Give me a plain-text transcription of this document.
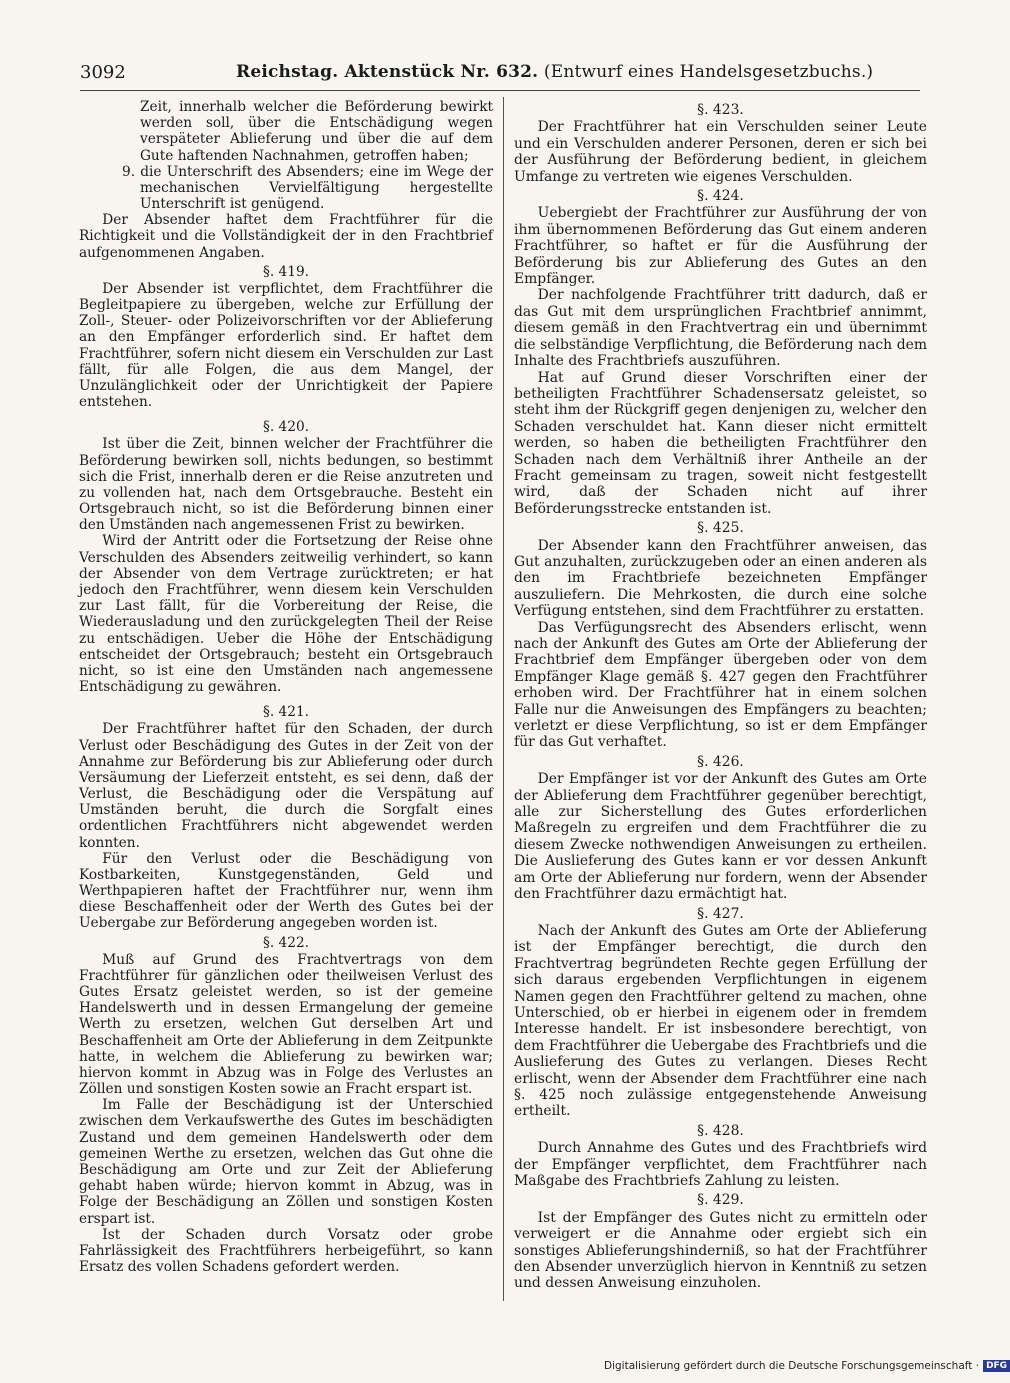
3092	Reichstag. Aktenstück Nr. 632. (Entwurf eines Handelsgesetzbuchs.)

Zeit, innerhalb welcher die Beförderung bewirkt werden soll, über die Entschädigung wegen verspäteter Ablieferung und über die auf dem Gute haftenden Nachnahmen, getroffen haben;

9. die Unterschrift des Absenders; eine im Wege der mechanischen Vervielfältigung hergestellte Unterschrift ist genügend.

Der Absender haftet dem Frachtführer für die Richtigkeit und die Vollständigkeit der in den Frachtbrief aufgenommenen Angaben.

§. 419.

Der Absender ist verpflichtet, dem Frachtführer die Begleitpapiere zu übergeben, welche zur Erfüllung der Zoll-, Steuer- oder Polizeivorschriften vor der Ablieferung an den Empfänger erforderlich sind. Er haftet dem Frachtführer, sofern nicht diesem ein Verschulden zur Last fällt, für alle Folgen, die aus dem Mangel, der Unzulänglichkeit oder der Unrichtigkeit der Papiere entstehen.

§. 420.

Ist über die Zeit, binnen welcher der Frachtführer die Beförderung bewirken soll, nichts bedungen, so bestimmt sich die Frist, innerhalb deren er die Reise anzutreten und zu vollenden hat, nach dem Ortsgebrauche. Besteht ein Ortsgebrauch nicht, so ist die Beförderung binnen einer den Umständen nach angemessenen Frist zu bewirken.

Wird der Antritt oder die Fortsetzung der Reise ohne Verschulden des Absenders zeitweilig verhindert, so kann der Absender von dem Vertrage zurücktreten; er hat jedoch den Frachtführer, wenn diesem kein Verschulden zur Last fällt, für die Vorbereitung der Reise, die Wiederausladung und den zurückgelegten Theil der Reise zu entschädigen. Ueber die Höhe der Entschädigung entscheidet der Ortsgebrauch; besteht ein Ortsgebrauch nicht, so ist eine den Umständen nach angemessene Entschädigung zu gewähren.

§. 421.

Der Frachtführer haftet für den Schaden, der durch Verlust oder Beschädigung des Gutes in der Zeit von der Annahme zur Beförderung bis zur Ablieferung oder durch Versäumung der Lieferzeit entsteht, es sei denn, daß der Verlust, die Beschädigung oder die Verspätung auf Umständen beruht, die durch die Sorgfalt eines ordentlichen Frachtführers nicht abgewendet werden konnten.

Für den Verlust oder die Beschädigung von Kostbarkeiten, Kunstgegenständen, Geld und Werthpapieren haftet der Frachtführer nur, wenn ihm diese Beschaffenheit oder der Werth des Gutes bei der Uebergabe zur Beförderung angegeben worden ist.

§. 422.

Muß auf Grund des Frachtvertrags von dem Frachtführer für gänzlichen oder theilweisen Verlust des Gutes Ersatz geleistet werden, so ist der gemeine Handelswerth und in dessen Ermangelung der gemeine Werth zu ersetzen, welchen Gut derselben Art und Beschaffenheit am Orte der Ablieferung in dem Zeitpunkte hatte, in welchem die Ablieferung zu bewirken war; hiervon kommt in Abzug was in Folge des Verlustes an Zöllen und sonstigen Kosten sowie an Fracht erspart ist.

Im Falle der Beschädigung ist der Unterschied zwischen dem Verkaufswerthe des Gutes im beschädigten Zustand und dem gemeinen Handelswerth oder dem gemeinen Werthe zu ersetzen, welchen das Gut ohne die Beschädigung am Orte und zur Zeit der Ablieferung gehabt haben würde; hiervon kommt in Abzug, was in Folge der Beschädigung an Zöllen und sonstigen Kosten erspart ist.

Ist der Schaden durch Vorsatz oder grobe Fahrlässigkeit des Frachtführers herbeigeführt, so kann Ersatz des vollen Schadens gefordert werden.

§. 423.

Der Frachtführer hat ein Verschulden seiner Leute und ein Verschulden anderer Personen, deren er sich bei der Ausführung der Beförderung bedient, in gleichem Umfange zu vertreten wie eigenes Verschulden.

§. 424.

Uebergiebt der Frachtführer zur Ausführung der von ihm übernommenen Beförderung das Gut einem anderen Frachtführer, so haftet er für die Ausführung der Beförderung bis zur Ablieferung des Gutes an den Empfänger.

Der nachfolgende Frachtführer tritt dadurch, daß er das Gut mit dem ursprünglichen Frachtbrief annimmt, diesem gemäß in den Frachtvertrag ein und übernimmt die selbständige Verpflichtung, die Beförderung nach dem Inhalte des Frachtbriefs auszuführen.

Hat auf Grund dieser Vorschriften einer der betheiligten Frachtführer Schadensersatz geleistet, so steht ihm der Rückgriff gegen denjenigen zu, welcher den Schaden verschuldet hat. Kann dieser nicht ermittelt werden, so haben die betheiligten Frachtführer den Schaden nach dem Verhältniß ihrer Antheile an der Fracht gemeinsam zu tragen, soweit nicht festgestellt wird, daß der Schaden nicht auf ihrer Beförderungsstrecke entstanden ist.

§. 425.

Der Absender kann den Frachtführer anweisen, das Gut anzuhalten, zurückzugeben oder an einen anderen als den im Frachtbriefe bezeichneten Empfänger auszuliefern. Die Mehrkosten, die durch eine solche Verfügung entstehen, sind dem Frachtführer zu erstatten.

Das Verfügungsrecht des Absenders erlischt, wenn nach der Ankunft des Gutes am Orte der Ablieferung der Frachtbrief dem Empfänger übergeben oder von dem Empfänger Klage gemäß §. 427 gegen den Frachtführer erhoben wird. Der Frachtführer hat in einem solchen Falle nur die Anweisungen des Empfängers zu beachten; verletzt er diese Verpflichtung, so ist er dem Empfänger für das Gut verhaftet.

§. 426.

Der Empfänger ist vor der Ankunft des Gutes am Orte der Ablieferung dem Frachtführer gegenüber berechtigt, alle zur Sicherstellung des Gutes erforderlichen Maßregeln zu ergreifen und dem Frachtführer die zu diesem Zwecke nothwendigen Anweisungen zu ertheilen. Die Auslieferung des Gutes kann er vor dessen Ankunft am Orte der Ablieferung nur fordern, wenn der Absender den Frachtführer dazu ermächtigt hat.

§. 427.

Nach der Ankunft des Gutes am Orte der Ablieferung ist der Empfänger berechtigt, die durch den Frachtvertrag begründeten Rechte gegen Erfüllung der sich daraus ergebenden Verpflichtungen in eigenem Namen gegen den Frachtführer geltend zu machen, ohne Unterschied, ob er hierbei in eigenem oder in fremdem Interesse handelt. Er ist insbesondere berechtigt, von dem Frachtführer die Uebergabe des Frachtbriefs und die Auslieferung des Gutes zu verlangen. Dieses Recht erlischt, wenn der Absender dem Frachtführer eine nach §. 425 noch zulässige entgegenstehende Anweisung ertheilt.

§. 428.

Durch Annahme des Gutes und des Frachtbriefs wird der Empfänger verpflichtet, dem Frachtführer nach Maßgabe des Frachtbriefs Zahlung zu leisten.

§. 429.

Ist der Empfänger des Gutes nicht zu ermitteln oder verweigert er die Annahme oder ergiebt sich ein sonstiges Ablieferungshinderniß, so hat der Frachtführer den Absender unverzüglich hiervon in Kenntniß zu setzen und dessen Anweisung einzuholen.

Digitalisierung gefördert durch die Deutsche Forschungsgemeinschaft · DFG
